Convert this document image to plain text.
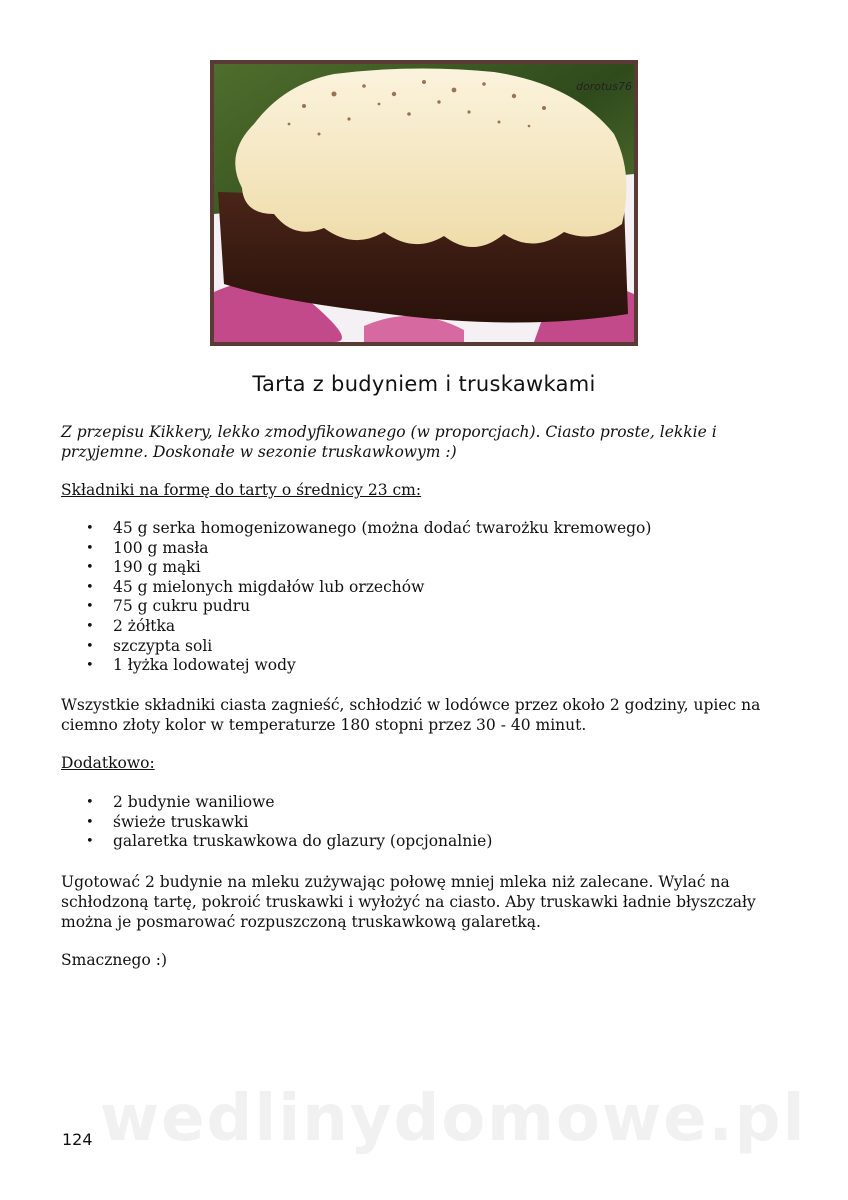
dorotus76
Tarta z budyniem i truskawkami

Z przepisu Kikkery, lekko zmodyfikowanego (w proporcjach). Ciasto proste, lekkie i przyjemne. Doskonałe w sezonie truskawkowym :)

Składniki na formę do tarty o średnicy 23 cm:

• 45 g serka homogenizowanego (można dodać twarożku kremowego)
• 100 g masła
• 190 g mąki
• 45 g mielonych migdałów lub orzechów
• 75 g cukru pudru
• 2 żółtka
• szczypta soli
• 1 łyżka lodowatej wody

Wszystkie składniki ciasta zagnieść, schłodzić w lodówce przez około 2 godziny, upiec na ciemno złoty kolor w temperaturze 180 stopni przez 30 - 40 minut.

Dodatkowo:

• 2 budynie waniliowe
• świeże truskawki
• galaretka truskawkowa do glazury (opcjonalnie)

Ugotować 2 budynie na mleku zużywając połowę mniej mleka niż zalecane. Wylać na schłodzoną tartę, pokroić truskawki i wyłożyć na ciasto. Aby truskawki ładnie błyszczały można je posmarować rozpuszczoną truskawkową galaretką.

Smacznego :)

wedlinydomowe.pl
124
